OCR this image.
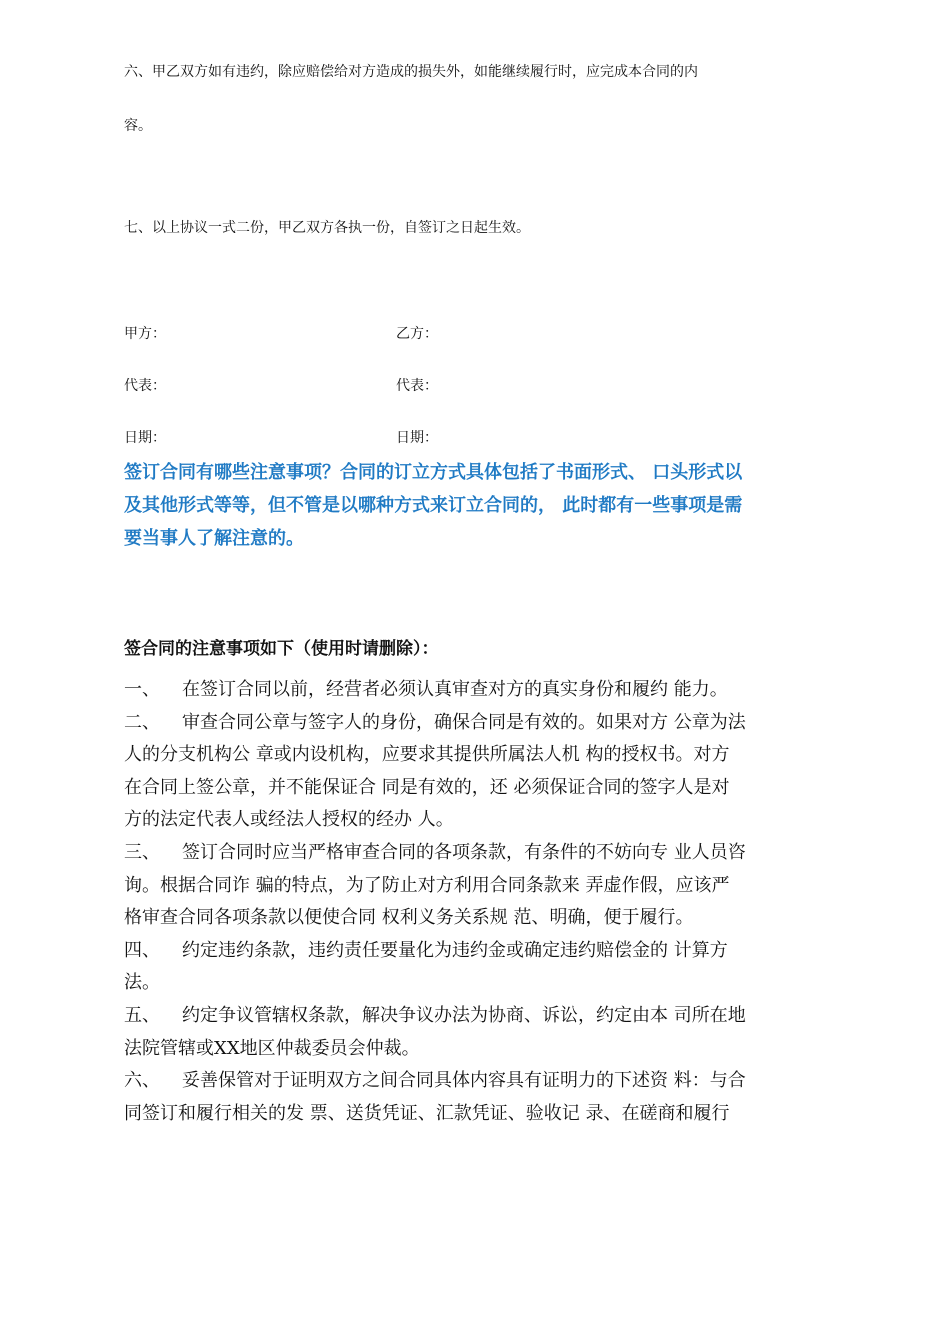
六、甲乙双方如有违约，除应赔偿给对方造成的损失外，如能继续履行时，应完成本合同的内
容。
七、以上协议一式二份，甲乙双方各执一份，自签订之日起生效。
甲方：	乙方：
代表：	代表：
日期：	日期：
签订合同有哪些注意事项？合同的订立方式具体包括了书面形式、 口头形式以
及其他形式等等，但不管是以哪种方式来订立合同的， 此时都有一些事项是需
要当事人了解注意的。
签合同的注意事项如下（使用时请删除）：
一、 在签订合同以前，经营者必须认真审查对方的真实身份和履约 能力。
二、 审查合同公章与签字人的身份，确保合同是有效的。如果对方 公章为法
人的分支机构公 章或内设机构，应要求其提供所属法人机 构的授权书。对方
在合同上签公章，并不能保证合 同是有效的，还 必须保证合同的签字人是对
方的法定代表人或经法人授权的经办 人。
三、 签订合同时应当严格审查合同的各项条款，有条件的不妨向专 业人员咨
询。根据合同诈 骗的特点，为了防止对方利用合同条款来 弄虚作假，应该严
格审查合同各项条款以便使合同 权利义务关系规 范、明确，便于履行。
四、 约定违约条款，违约责任要量化为违约金或确定违约赔偿金的 计算方
法。
五、 约定争议管辖权条款，解决争议办法为协商、诉讼，约定由本 司所在地
法院管辖或XX地区仲裁委员会仲裁。
六、 妥善保管对于证明双方之间合同具体内容具有证明力的下述资 料：与合
同签订和履行相关的发 票、送货凭证、汇款凭证、验收记 录、在磋商和履行
